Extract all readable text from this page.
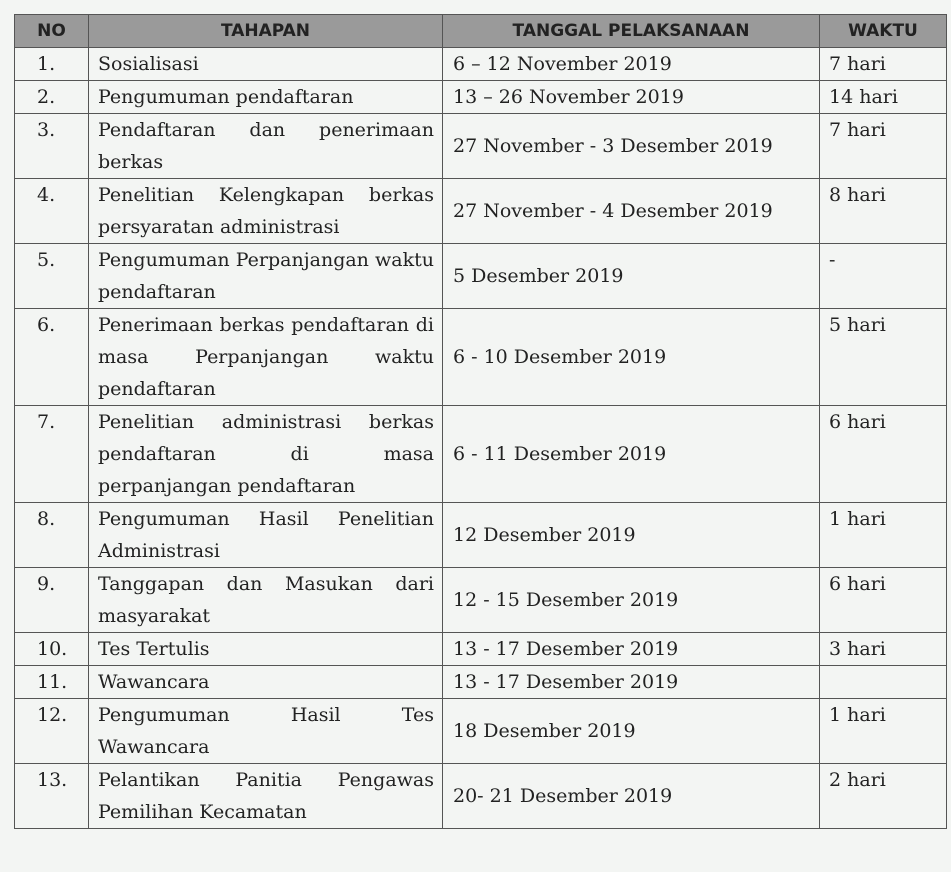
NO	TAHAPAN	TANGGAL PELAKSANAAN	WAKTU
1.	Sosialisasi	6 – 12 November 2019	7 hari
2.	Pengumuman pendaftaran	13 – 26 November 2019	14 hari
3.	Pendaftaran dan penerimaan berkas	27 November - 3 Desember 2019	7 hari
4.	Penelitian Kelengkapan berkas persyaratan administrasi	27 November - 4 Desember 2019	8 hari
5.	Pengumuman Perpanjangan waktu pendaftaran	5 Desember 2019	-
6.	Penerimaan berkas pendaftaran di masa Perpanjangan waktu pendaftaran	6 - 10 Desember 2019	5 hari
7.	Penelitian administrasi berkas pendaftaran di masa perpanjangan pendaftaran	6 - 11 Desember 2019	6 hari
8.	Pengumuman Hasil Penelitian Administrasi	12 Desember 2019	1 hari
9.	Tanggapan dan Masukan dari masyarakat	12 - 15 Desember 2019	6 hari
10.	Tes Tertulis	13 - 17 Desember 2019	3 hari
11.	Wawancara	13 - 17 Desember 2019	
12.	Pengumuman Hasil Tes Wawancara	18 Desember 2019	1 hari
13.	Pelantikan Panitia Pengawas Pemilihan Kecamatan	20- 21 Desember 2019	2 hari
